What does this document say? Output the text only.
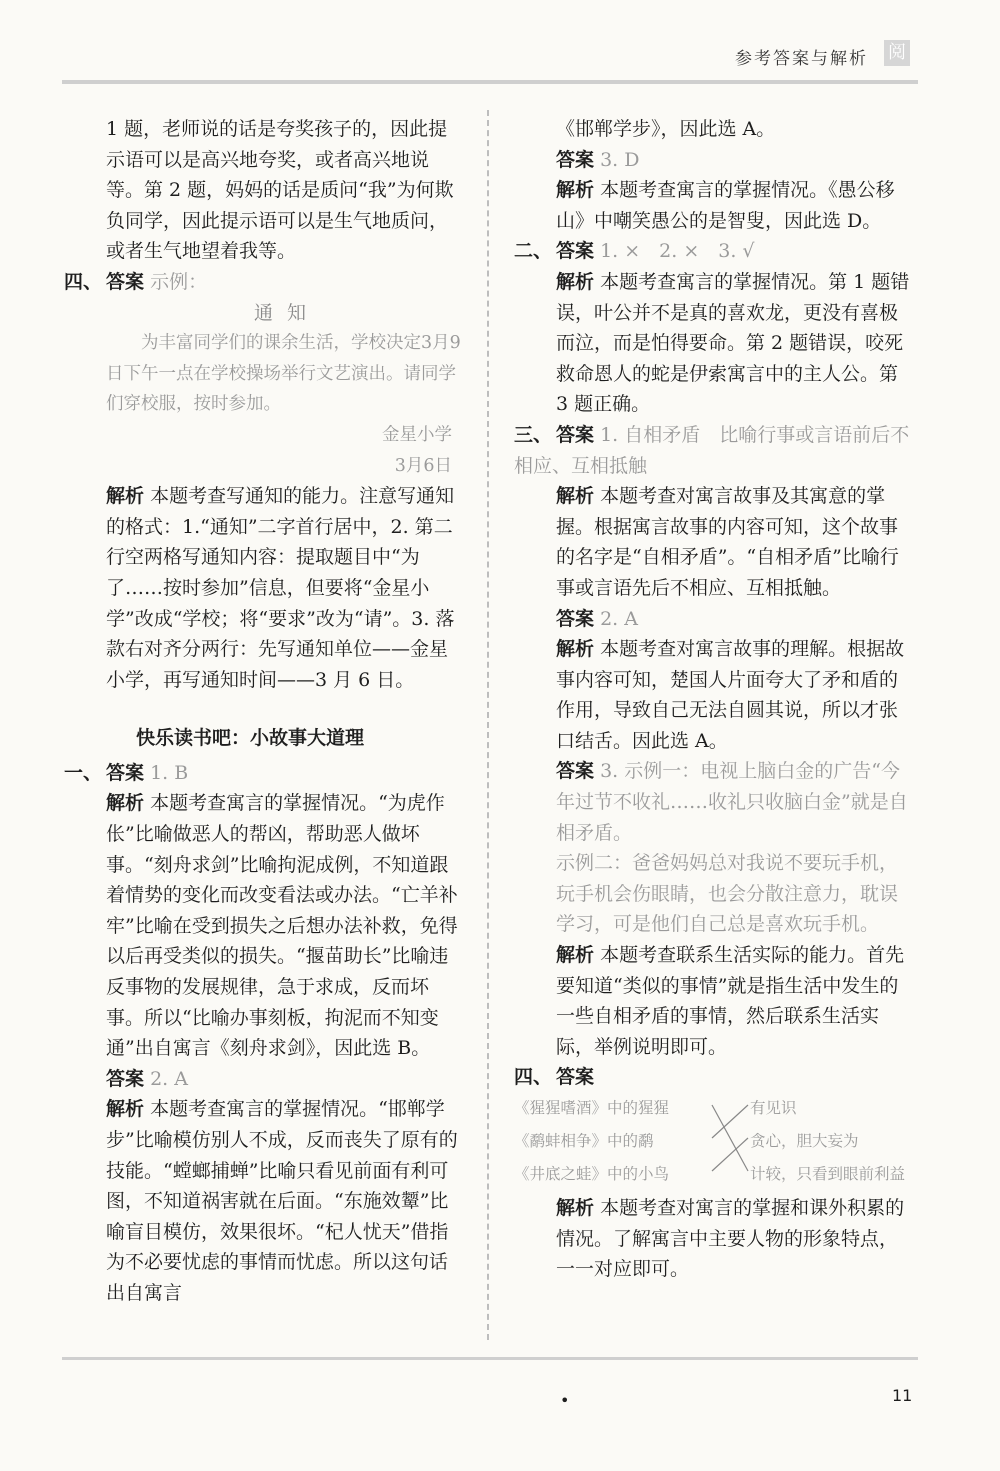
参考答案与解析 阅

1 题，老师说的话是夸奖孩子的，因此提示语可以是高兴地夸奖，或者高兴地说等。第 2 题，妈妈的话是质问“我”为何欺负同学，因此提示语可以是生气地质问，或者生气地望着我等。

四、 答案 示例：

通知

为丰富同学们的课余生活，学校决定3月9日下午一点在学校操场举行文艺演出。请同学们穿校服，按时参加。

金星小学

3月6日

解析 本题考查写通知的能力。注意写通知的格式：1.“通知”二字首行居中，2. 第二行空两格写通知内容：提取题目中“为了……按时参加”信息，但要将“金星小学”改成“学校；将“要求”改为“请”。3. 落款右对齐分两行：先写通知单位——金星小学，再写通知时间——3 月 6 日。

快乐读书吧：小故事大道理

一、 答案 1. B

解析 本题考查寓言的掌握情况。“为虎作伥”比喻做恶人的帮凶，帮助恶人做坏事。“刻舟求剑”比喻拘泥成例，不知道跟着情势的变化而改变看法或办法。“亡羊补牢”比喻在受到损失之后想办法补救，免得以后再受类似的损失。“揠苗助长”比喻违反事物的发展规律，急于求成，反而坏事。所以“比喻办事刻板，拘泥而不知变通”出自寓言《刻舟求剑》，因此选 B。

答案 2. A

解析 本题考查寓言的掌握情况。“邯郸学步”比喻模仿别人不成，反而丧失了原有的技能。“螳螂捕蝉”比喻只看见前面有利可图，不知道祸害就在后面。“东施效颦”比喻盲目模仿，效果很坏。“杞人忧天”借指为不必要忧虑的事情而忧虑。所以这句话出自寓言

《邯郸学步》，因此选 A。

答案 3. D

解析 本题考查寓言的掌握情况。《愚公移山》中嘲笑愚公的是智叟，因此选 D。

二、 答案 1. ×　2. ×　3. √

解析 本题考查寓言的掌握情况。第 1 题错误，叶公并不是真的喜欢龙，更没有喜极而泣，而是怕得要命。第 2 题错误，咬死救命恩人的蛇是伊索寓言中的主人公。第 3 题正确。

三、 答案 1. 自相矛盾　比喻行事或言语前后不相应、互相抵触

解析 本题考查对寓言故事及其寓意的掌握。根据寓言故事的内容可知，这个故事的名字是“自相矛盾”。“自相矛盾”比喻行事或言语先后不相应、互相抵触。

答案 2. A

解析 本题考查对寓言故事的理解。根据故事内容可知，楚国人片面夸大了矛和盾的作用，导致自己无法自圆其说，所以才张口结舌。因此选 A。

答案 3. 示例一：电视上脑白金的广告“今年过节不收礼……收礼只收脑白金”就是自相矛盾。

示例二：爸爸妈妈总对我说不要玩手机，玩手机会伤眼睛，也会分散注意力，耽误学习，可是他们自己总是喜欢玩手机。

解析 本题考查联系生活实际的能力。首先要知道“类似的事情”就是指生活中发生的一些自相矛盾的事情，然后联系生活实际，举例说明即可。

四、 答案

《猩猩嗜酒》中的猩猩
《鹬蚌相争》中的鹬
《井底之蛙》中的小鸟
有见识
贪心，胆大妄为
计较，只看到眼前利益

解析 本题考查对寓言的掌握和课外积累的情况。了解寓言中主要人物的形象特点，一一对应即可。

•	11
